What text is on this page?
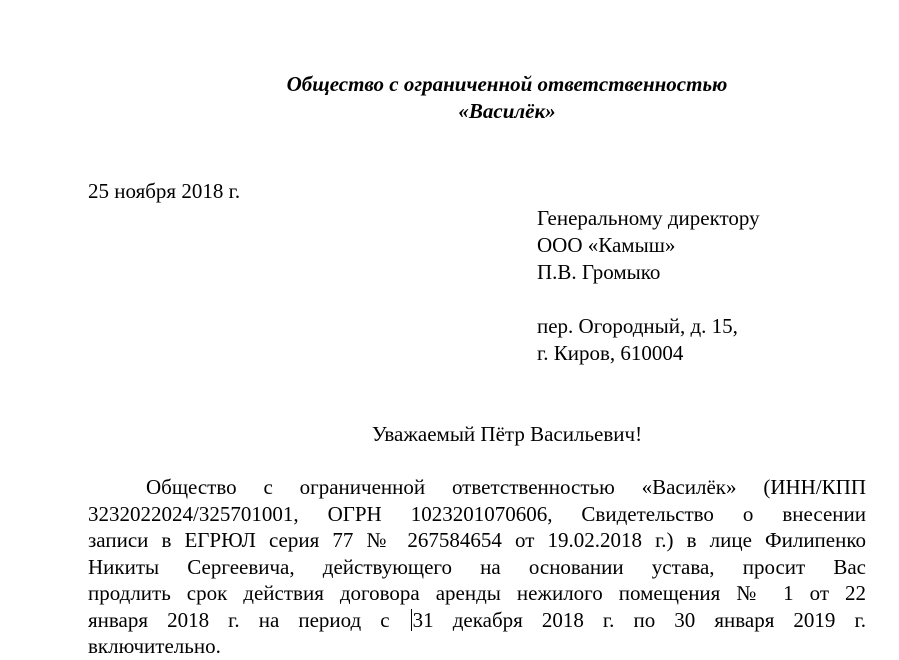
Общество с ограниченной ответственностью
«Василёк»
25 ноября 2018 г.
Генеральному директору
ООО «Камыш»
П.В. Громыко
пер. Огородный, д. 15,
г. Киров, 610004
Уважаемый Пётр Васильевич!
Общество с ограниченной ответственностью «Василёк» (ИНН/КПП
3232022024/325701001, ОГРН 1023201070606, Свидетельство о внесении
записи в ЕГРЮЛ серия 77 № 267584654 от 19.02.2018 г.) в лице Филипенко
Никиты Сергеевича, действующего на основании устава, просит Вас
продлить срок действия договора аренды нежилого помещения № 1 от 22
января 2018 г. на период с 31 декабря 2018 г. по 30 января 2019 г.
включительно.
